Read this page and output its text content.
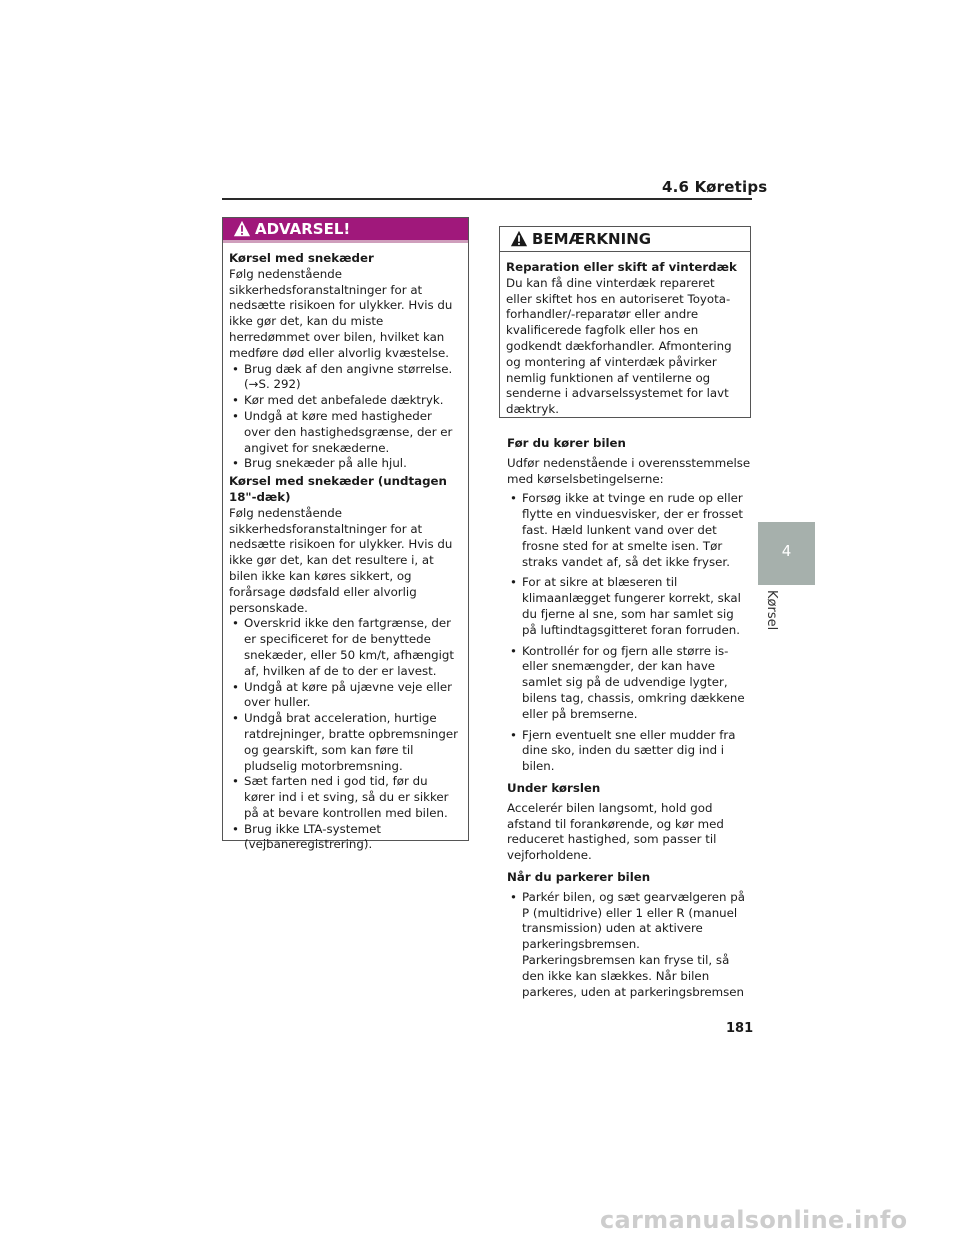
4.6 Køretips
ADVARSEL!
Kørsel med snekæder

Følg nedenstående sikkerhedsforanstaltninger for at nedsætte risikoen for ulykker. Hvis du ikke gør det, kan du miste herredømmet over bilen, hvilket kan medføre død eller alvorlig kvæstelse.

• Brug dæk af den angivne størrelse. (→S. 292)
• Kør med det anbefalede dæktryk.
• Undgå at køre med hastigheder over den hastighedsgrænse, der er angivet for snekæderne.
• Brug snekæder på alle hjul.
Kørsel med snekæder (undtagen 18"-dæk)

Følg nedenstående sikkerhedsforanstaltninger for at nedsætte risikoen for ulykker. Hvis du ikke gør det, kan det resultere i, at bilen ikke kan køres sikkert, og forårsage dødsfald eller alvorlig personskade.

• Overskrid ikke den fartgrænse, der er specificeret for de benyttede snekæder, eller 50 km/t, afhængigt af, hvilken af de to der er lavest.
• Undgå at køre på ujævne veje eller over huller.
• Undgå brat acceleration, hurtige ratdrejninger, bratte opbremsninger og gearskift, som kan føre til pludselig motorbremsning.
• Sæt farten ned i god tid, før du kører ind i et sving, så du er sikker på at bevare kontrollen med bilen.
• Brug ikke LTA-systemet (vejbaneregistrering).
BEMÆRKNING
Reparation eller skift af vinterdæk

Du kan få dine vinterdæk repareret eller skiftet hos en autoriseret Toyota-forhandler/-reparatør eller andre kvalificerede fagfolk eller hos en godkendt dækforhandler. Afmontering og montering af vinterdæk påvirker nemlig funktionen af ventilerne og senderne i advarselssystemet for lavt dæktryk.

Før du kører bilen

Udfør nedenstående i overensstemmelse med kørselsbetingelserne:

• Forsøg ikke at tvinge en rude op eller flytte en vinduesvisker, der er frosset fast. Hæld lunkent vand over det frosne sted for at smelte isen. Tør straks vandet af, så det ikke fryser.
• For at sikre at blæseren til klimaanlægget fungerer korrekt, skal du fjerne al sne, som har samlet sig på luftindtagsgitteret foran forruden.
• Kontrollér for og fjern alle større is- eller snemængder, der kan have samlet sig på de udvendige lygter, bilens tag, chassis, omkring dækkene eller på bremserne.
• Fjern eventuelt sne eller mudder fra dine sko, inden du sætter dig ind i bilen.
Under kørslen

Accelerér bilen langsomt, hold god afstand til forankørende, og kør med reduceret hastighed, som passer til vejforholdene.

Når du parkerer bilen
• Parkér bilen, og sæt gearvælgeren på P (multidrive) eller 1 eller R (manuel transmission) uden at aktivere parkeringsbremsen. Parkeringsbremsen kan fryse til, så den ikke kan slækkes. Når bilen parkeres, uden at parkeringsbremsen
181
4
Kørsel
carmanualsonline.info
